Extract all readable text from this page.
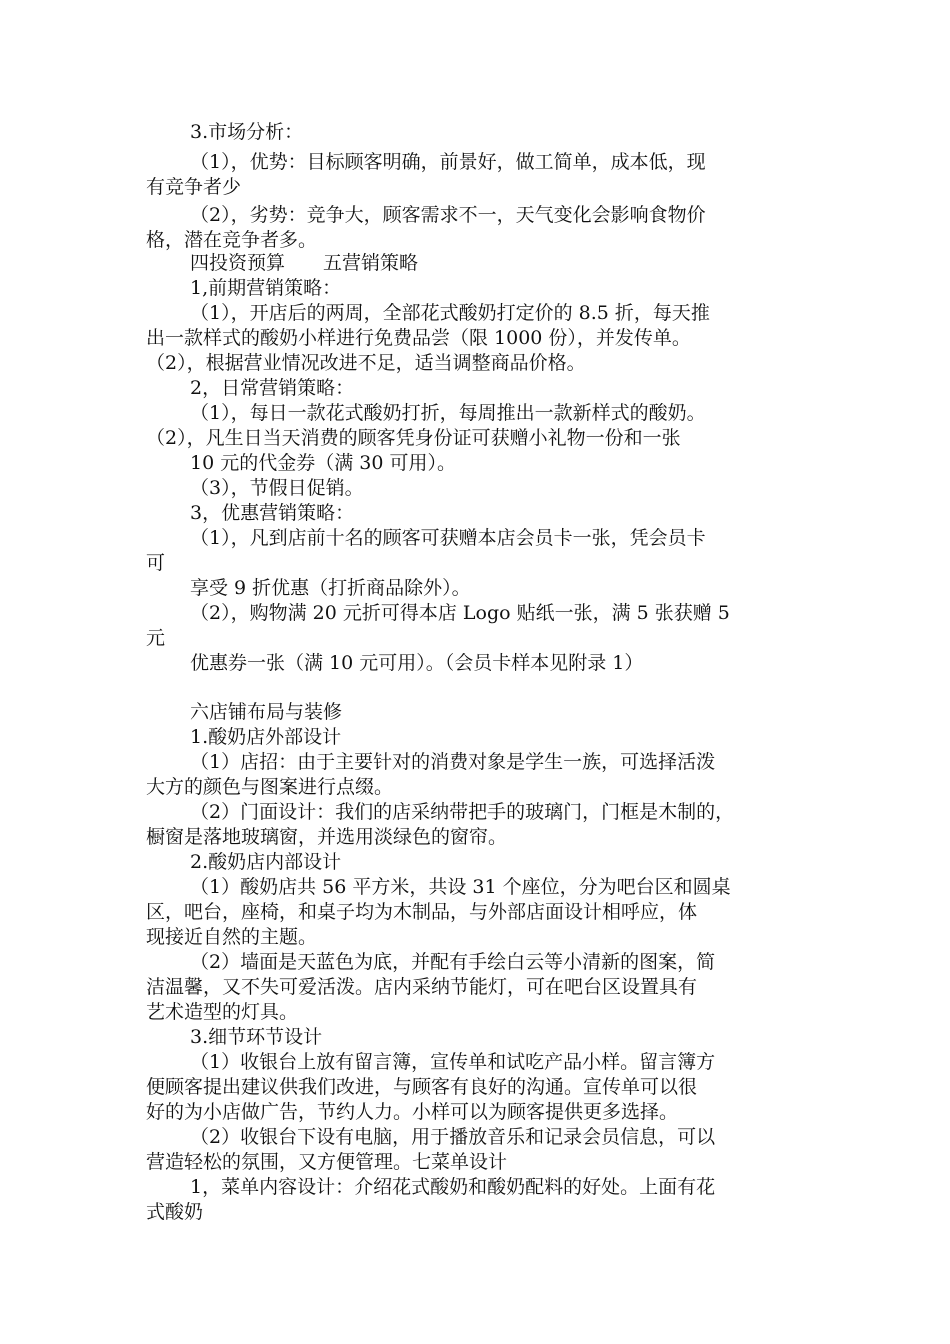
3.市场分析：
（1），优势：目标顾客明确，前景好，做工简单，成本低，现
有竞争者少
（2），劣势：竞争大，顾客需求不一，天气变化会影响食物价
格，潜在竞争者多。
四投资预算　　五营销策略
1,前期营销策略：
（1），开店后的两周，全部花式酸奶打定价的 8.5 折，每天推
出一款样式的酸奶小样进行免费品尝（限 1000 份），并发传单。
（2），根据营业情况改进不足，适当调整商品价格。
2，日常营销策略：
（1），每日一款花式酸奶打折，每周推出一款新样式的酸奶。
（2），凡生日当天消费的顾客凭身份证可获赠小礼物一份和一张
10 元的代金券（满 30 可用）。
（3），节假日促销。
3，优惠营销策略：
（1），凡到店前十名的顾客可获赠本店会员卡一张，凭会员卡
可
享受 9 折优惠（打折商品除外）。
（2），购物满 20 元折可得本店 Logo 贴纸一张，满 5 张获赠 5
元
优惠券一张（满 10 元可用）。（会员卡样本见附录 1）
六店铺布局与装修
1.酸奶店外部设计
（1）店招：由于主要针对的消费对象是学生一族，可选择活泼
大方的颜色与图案进行点缀。
（2）门面设计：我们的店采纳带把手的玻璃门，门框是木制的，
橱窗是落地玻璃窗，并选用淡绿色的窗帘。
2.酸奶店内部设计
（1）酸奶店共 56 平方米，共设 31 个座位，分为吧台区和圆桌
区，吧台，座椅，和桌子均为木制品，与外部店面设计相呼应，体
现接近自然的主题。
（2）墙面是天蓝色为底，并配有手绘白云等小清新的图案，简
洁温馨，又不失可爱活泼。店内采纳节能灯，可在吧台区设置具有
艺术造型的灯具。
3.细节环节设计
（1）收银台上放有留言簿，宣传单和试吃产品小样。留言簿方
便顾客提出建议供我们改进，与顾客有良好的沟通。宣传单可以很
好的为小店做广告，节约人力。小样可以为顾客提供更多选择。
（2）收银台下设有电脑，用于播放音乐和记录会员信息，可以
营造轻松的氛围，又方便管理。七菜单设计
1，菜单内容设计：介绍花式酸奶和酸奶配料的好处。上面有花
式酸奶
